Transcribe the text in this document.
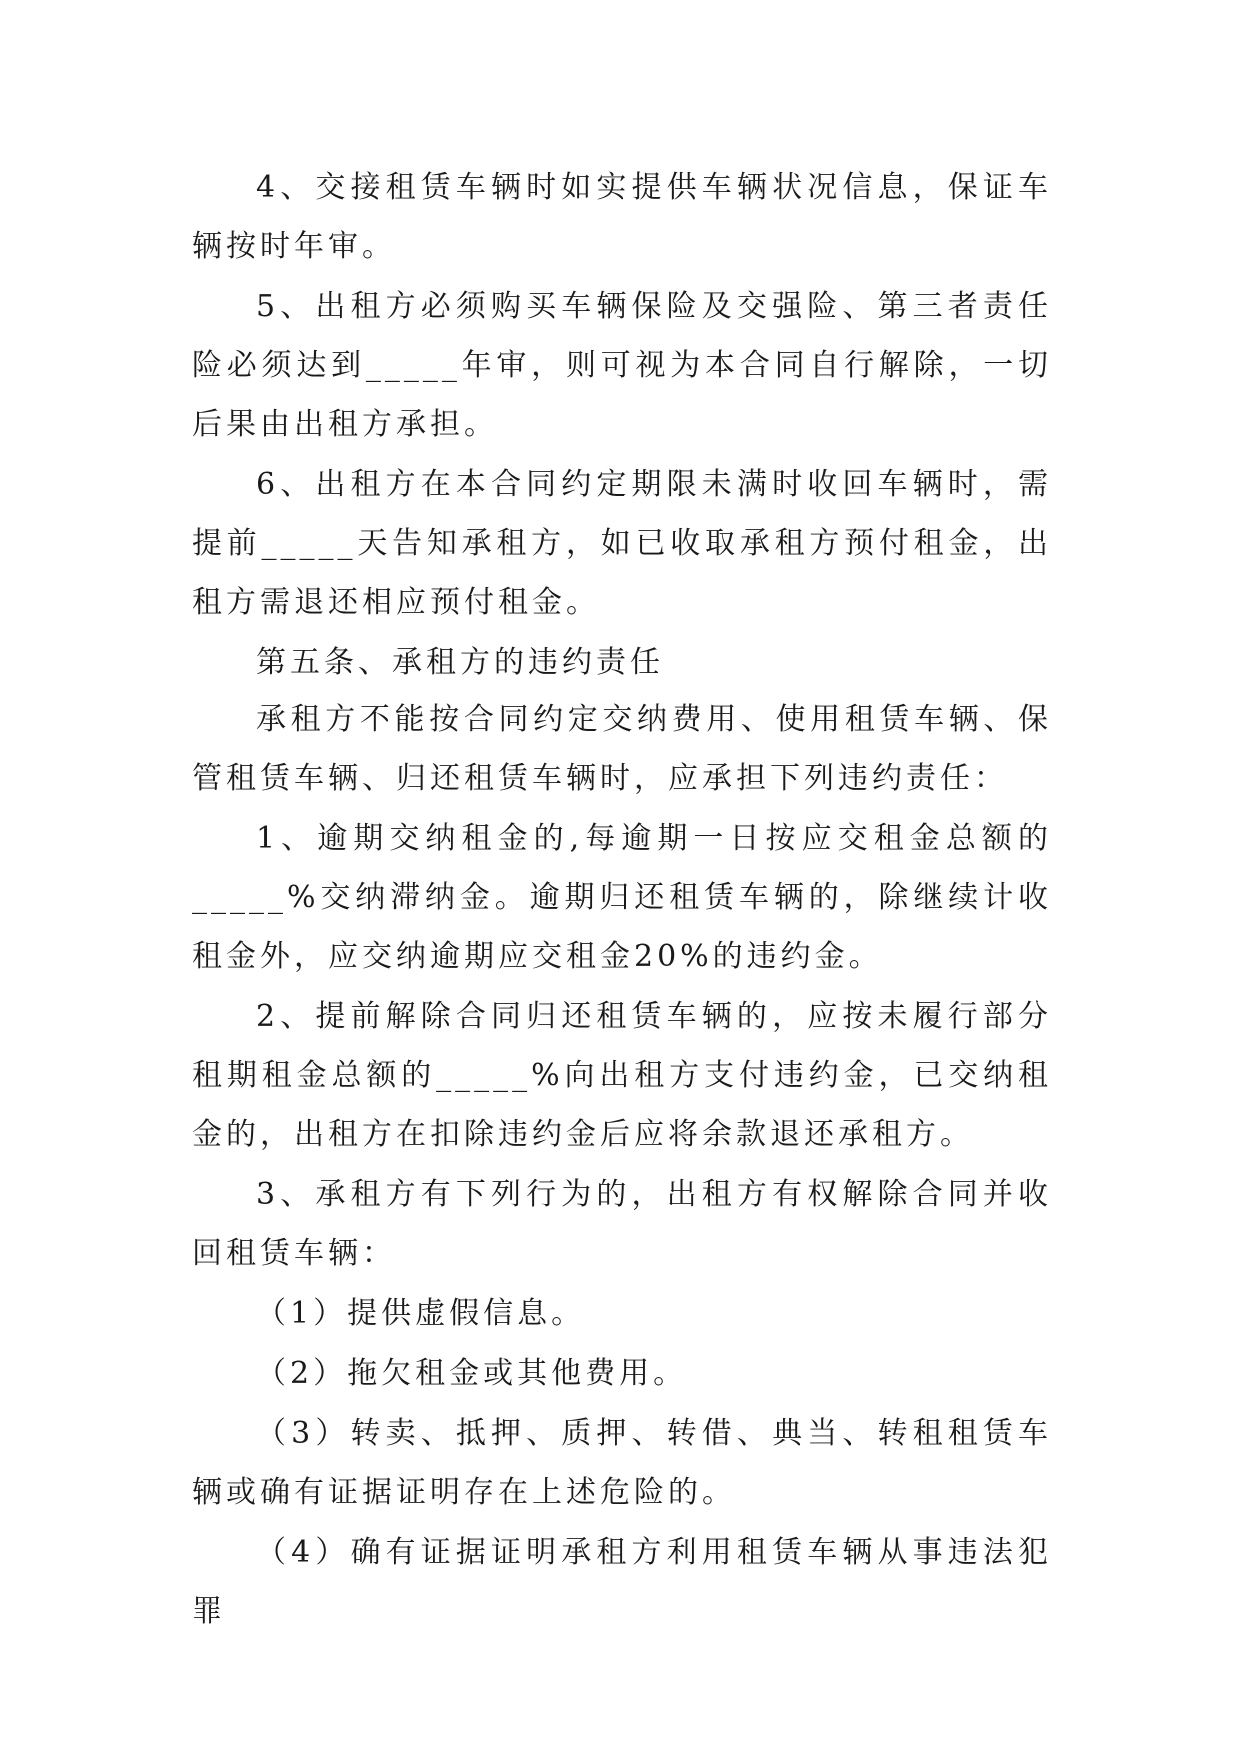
4、交接租赁车辆时如实提供车辆状况信息，保证车辆按时年审。

5、出租方必须购买车辆保险及交强险、第三者责任险必须达到_____年审，则可视为本合同自行解除，一切后果由出租方承担。

6、出租方在本合同约定期限未满时收回车辆时，需提前_____天告知承租方，如已收取承租方预付租金，出租方需退还相应预付租金。

第五条、承租方的违约责任

承租方不能按合同约定交纳费用、使用租赁车辆、保管租赁车辆、归还租赁车辆时，应承担下列违约责任：

1、逾期交纳租金的,每逾期一日按应交租金总额的_____%交纳滞纳金。逾期归还租赁车辆的，除继续计收租金外，应交纳逾期应交租金20%的违约金。

2、提前解除合同归还租赁车辆的，应按未履行部分租期租金总额的_____%向出租方支付违约金，已交纳租金的，出租方在扣除违约金后应将余款退还承租方。

3、承租方有下列行为的，出租方有权解除合同并收回租赁车辆：

（1）提供虚假信息。

（2）拖欠租金或其他费用。

（3）转卖、抵押、质押、转借、典当、转租租赁车辆或确有证据证明存在上述危险的。

（4）确有证据证明承租方利用租赁车辆从事违法犯罪
